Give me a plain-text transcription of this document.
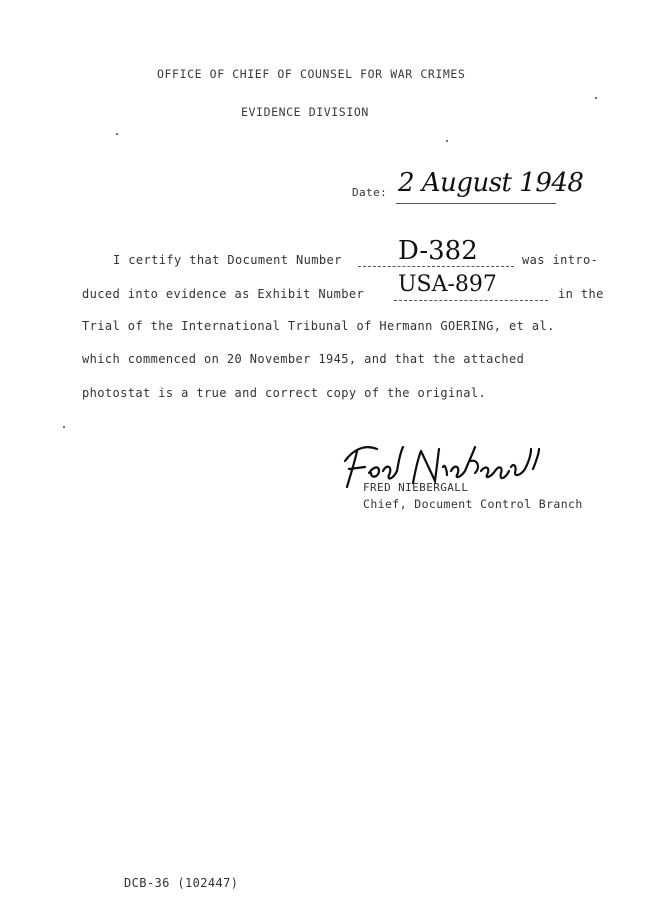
OFFICE OF CHIEF OF COUNSEL FOR WAR CRIMES
EVIDENCE DIVISION
Date: 2 August 1948
I certify that Document Number D-382	was intro-
duced into evidence as Exhibit Number USA-897	in the
Trial of the International Tribunal of Hermann GOERING, et al.
which commenced on 20 November 1945, and that the attached
photostat is a true and correct copy of the original.
FRED NIEBERGALL
Chief, Document Control Branch
DCB-36 (102447)
